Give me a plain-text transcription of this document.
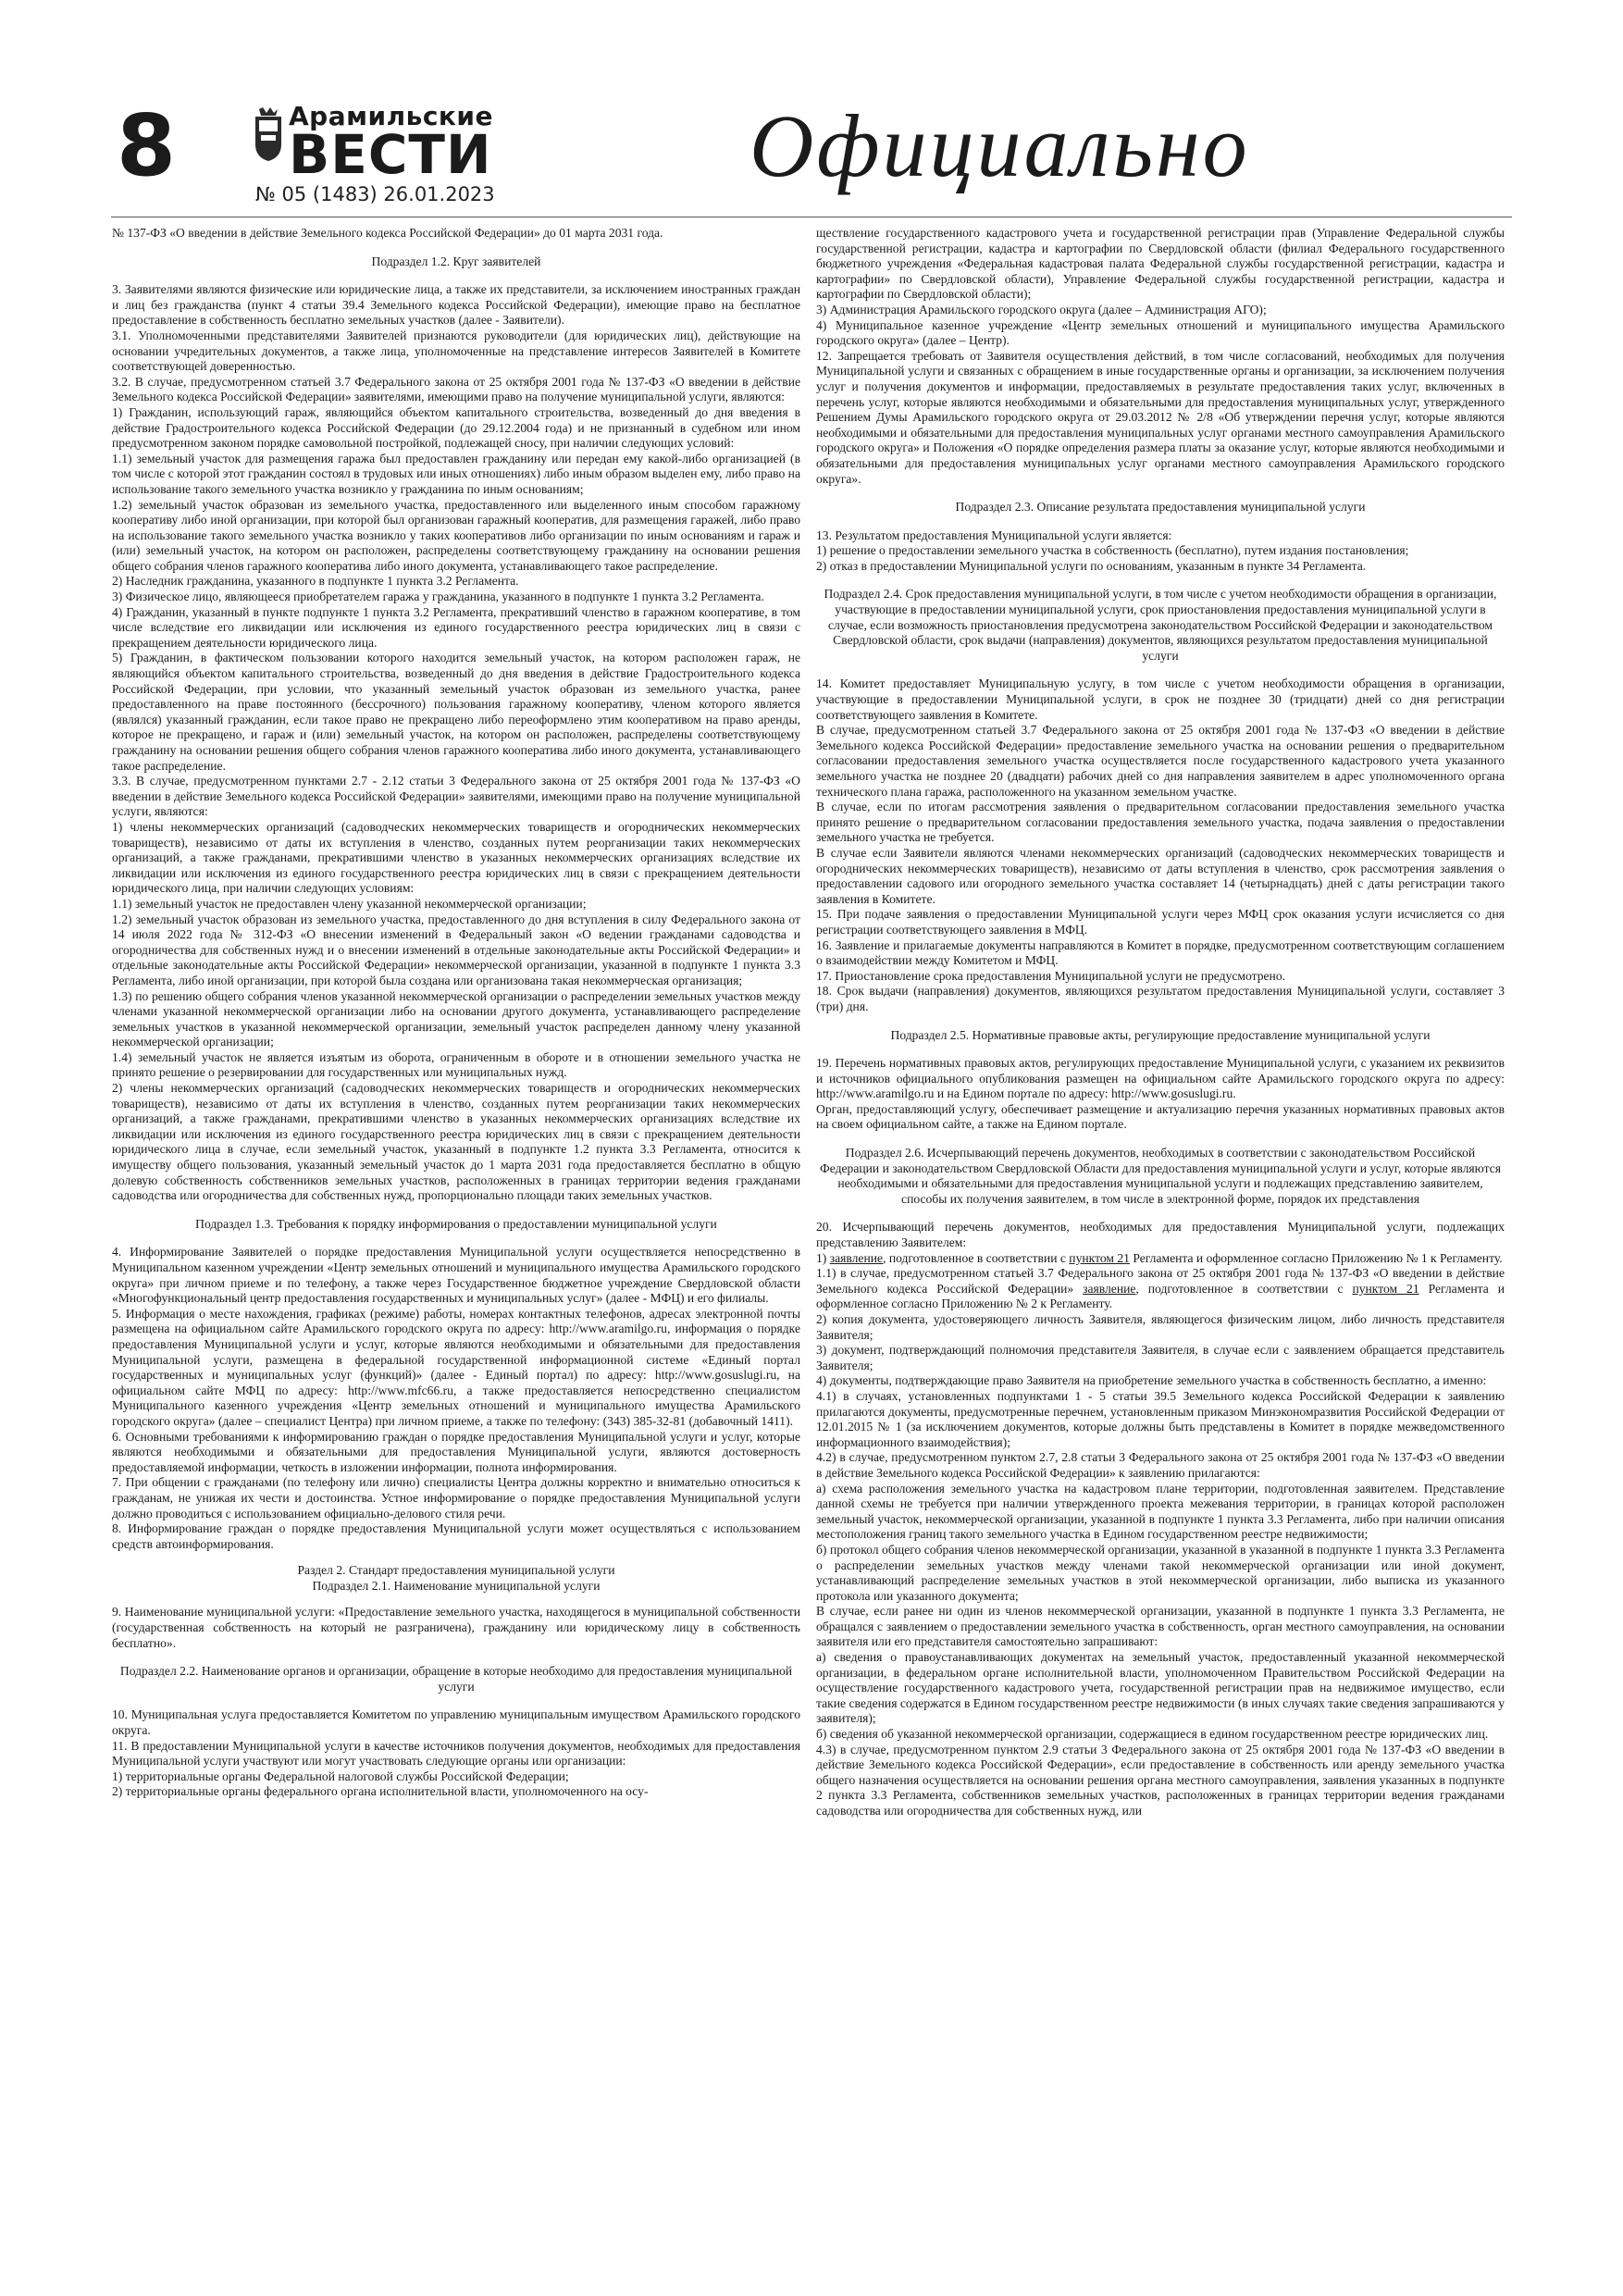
8	Арамильские
ВЕСТИ
№ 05 (1483) 26.01.2023	Официально

№ 137-ФЗ «О введении в действие Земельного кодекса Российской Федерации» до 01 марта 2031 года.

Подраздел 1.2. Круг заявителей

3. Заявителями являются физические или юридические лица, а также их представители, за исключением иностранных граждан и лиц без гражданства (пункт 4 статьи 39.4 Земельного кодекса Российской Федерации), имеющие право на бесплатное предоставление в собственность бесплатно земельных участков (далее - Заявители).

3.1. Уполномоченными представителями Заявителей признаются руководители (для юридических лиц), действующие на основании учредительных документов, а также лица, уполномоченные на представление интересов Заявителей в Комитете соответствующей доверенностью.

3.2. В случае, предусмотренном статьей 3.7 Федерального закона от 25 октября 2001 года № 137-ФЗ «О введении в действие Земельного кодекса Российской Федерации» заявителями, имеющими право на получение муниципальной услуги, являются:

1) Гражданин, использующий гараж, являющийся объектом капитального строительства, возведенный до дня введения в действие Градостроительного кодекса Российской Федерации (до 29.12.2004 года) и не признанный в судебном или ином предусмотренном законом порядке самовольной постройкой, подлежащей сносу, при наличии следующих условий:

1.1) земельный участок для размещения гаража был предоставлен гражданину или передан ему какой-либо организацией (в том числе с которой этот гражданин состоял в трудовых или иных отношениях) либо иным образом выделен ему, либо право на использование такого земельного участка возникло у гражданина по иным основаниям;

1.2) земельный участок образован из земельного участка, предоставленного или выделенного иным способом гаражному кооперативу либо иной организации, при которой был организован гаражный кооператив, для размещения гаражей, либо право на использование такого земельного участка возникло у таких кооперативов либо организации по иным основаниям и гараж и (или) земельный участок, на котором он расположен, распределены соответствующему гражданину на основании решения общего собрания членов гаражного кооператива либо иного документа, устанавливающего такое распределение.

2) Наследник гражданина, указанного в подпункте 1 пункта 3.2 Регламента.

3) Физическое лицо, являющееся приобретателем гаража у гражданина, указанного в подпункте 1 пункта 3.2 Регламента.

4) Гражданин, указанный в пункте подпункте 1 пункта 3.2 Регламента, прекративший членство в гаражном кооперативе, в том числе вследствие его ликвидации или исключения из единого государственного реестра юридических лиц в связи с прекращением деятельности юридического лица.

5) Гражданин, в фактическом пользовании которого находится земельный участок, на котором расположен гараж, не являющийся объектом капитального строительства, возведенный до дня введения в действие Градостроительного кодекса Российской Федерации, при условии, что указанный земельный участок образован из земельного участка, ранее предоставленного на праве постоянного (бессрочного) пользования гаражному кооперативу, членом которого является (являлся) указанный гражданин, если такое право не прекращено либо переоформлено этим кооперативом на право аренды, которое не прекращено, и гараж и (или) земельный участок, на котором он расположен, распределены соответствующему гражданину на основании решения общего собрания членов гаражного кооператива либо иного документа, устанавливающего такое распределение.

3.3. В случае, предусмотренном пунктами 2.7 - 2.12 статьи 3 Федерального закона от 25 октября 2001 года № 137-ФЗ «О введении в действие Земельного кодекса Российской Федерации» заявителями, имеющими право на получение муниципальной услуги, являются:

1) члены некоммерческих организаций (садоводческих некоммерческих товариществ и огороднических некоммерческих товариществ), независимо от даты их вступления в членство, созданных путем реорганизации таких некоммерческих организаций, а также гражданами, прекратившими членство в указанных некоммерческих организациях вследствие их ликвидации или исключения из единого государственного реестра юридических лиц в связи с прекращением деятельности юридического лица, при наличии следующих условиям:

1.1) земельный участок не предоставлен члену указанной некоммерческой организации;

1.2) земельный участок образован из земельного участка, предоставленного до дня вступления в силу Федерального закона от 14 июля 2022 года № 312-ФЗ «О внесении изменений в Федеральный закон «О ведении гражданами садоводства и огородничества для собственных нужд и о внесении изменений в отдельные законодательные акты Российской Федерации» и отдельные законодательные акты Российской Федерации» некоммерческой организации, указанной в подпункте 1 пункта 3.3 Регламента, либо иной организации, при которой была создана или организована такая некоммерческая организация;

1.3) по решению общего собрания членов указанной некоммерческой организации о распределении земельных участков между членами указанной некоммерческой организации либо на основании другого документа, устанавливающего распределение земельных участков в указанной некоммерческой организации, земельный участок распределен данному члену указанной некоммерческой организации;

1.4) земельный участок не является изъятым из оборота, ограниченным в обороте и в отношении земельного участка не принято решение о резервировании для государственных или муниципальных нужд.

2) члены некоммерческих организаций (садоводческих некоммерческих товариществ и огороднических некоммерческих товариществ), независимо от даты их вступления в членство, созданных путем реорганизации таких некоммерческих организаций, а также гражданами, прекратившими членство в указанных некоммерческих организациях вследствие их ликвидации или исключения из единого государственного реестра юридических лиц в связи с прекращением деятельности юридического лица в случае, если земельный участок, указанный в подпункте 1.2 пункта 3.3 Регламента, относится к имуществу общего пользования, указанный земельный участок до 1 марта 2031 года предоставляется бесплатно в общую долевую собственность собственников земельных участков, расположенных в границах территории ведения гражданами садоводства или огородничества для собственных нужд, пропорционально площади таких земельных участков.

Подраздел 1.3. Требования к порядку информирования о предоставлении муниципальной услуги

4. Информирование Заявителей о порядке предоставления Муниципальной услуги осуществляется непосредственно в Муниципальном казенном учреждении «Центр земельных отношений и муниципального имущества Арамильского городского округа» при личном приеме и по телефону, а также через Государственное бюджетное учреждение Свердловской области «Многофункциональный центр предоставления государственных и муниципальных услуг» (далее - МФЦ) и его филиалы.

5. Информация о месте нахождения, графиках (режиме) работы, номерах контактных телефонов, адресах электронной почты размещена на официальном сайте Арамильского городского округа по адресу: http://www.aramilgo.ru, информация о порядке предоставления Муниципальной услуги и услуг, которые являются необходимыми и обязательными для предоставления Муниципальной услуги, размещена в федеральной государственной информационной системе «Единый портал государственных и муниципальных услуг (функций)» (далее - Единый портал) по адресу: http://www.gosuslugi.ru, на официальном сайте МФЦ по адресу: http://www.mfc66.ru, а также предоставляется непосредственно специалистом Муниципального казенного учреждения «Центр земельных отношений и муниципального имущества Арамильского городского округа» (далее – специалист Центра) при личном приеме, а также по телефону: (343) 385-32-81 (добавочный 1411).

6. Основными требованиями к информированию граждан о порядке предоставления Муниципальной услуги и услуг, которые являются необходимыми и обязательными для предоставления Муниципальной услуги, являются достоверность предоставляемой информации, четкость в изложении информации, полнота информирования.

7. При общении с гражданами (по телефону или лично) специалисты Центра должны корректно и внимательно относиться к гражданам, не унижая их чести и достоинства. Устное информирование о порядке предоставления Муниципальной услуги должно проводиться с использованием официально-делового стиля речи.

8. Информирование граждан о порядке предоставления Муниципальной услуги может осуществляться с использованием средств автоинформирования.

Раздел 2. Стандарт предоставления муниципальной услуги

Подраздел 2.1. Наименование муниципальной услуги

9. Наименование муниципальной услуги: «Предоставление земельного участка, находящегося в муниципальной собственности (государственная собственность на который не разграничена), гражданину или юридическому лицу в собственность бесплатно».

Подраздел 2.2. Наименование органов и организации, обращение в которые необходимо для предоставления муниципальной услуги

10. Муниципальная услуга предоставляется Комитетом по управлению муниципальным имуществом Арамильского городского округа.

11. В предоставлении Муниципальной услуги в качестве источников получения документов, необходимых для предоставления Муниципальной услуги участвуют или могут участвовать следующие органы или организации:

1) территориальные органы Федеральной налоговой службы Российской Федерации;

2) территориальные органы федерального органа исполнительной власти, уполномоченного на осу-

ществление государственного кадастрового учета и государственной регистрации прав (Управление Федеральной службы государственной регистрации, кадастра и картографии по Свердловской области (филиал Федерального государственного бюджетного учреждения «Федеральная кадастровая палата Федеральной службы государственной регистрации, кадастра и картографии» по Свердловской области), Управление Федеральной службы государственной регистрации, кадастра и картографии по Свердловской области);

3) Администрация Арамильского городского округа (далее – Администрация АГО);

4) Муниципальное казенное учреждение «Центр земельных отношений и муниципального имущества Арамильского городского округа» (далее – Центр).

12. Запрещается требовать от Заявителя осуществления действий, в том числе согласований, необходимых для получения Муниципальной услуги и связанных с обращением в иные государственные органы и организации, за исключением получения услуг и получения документов и информации, предоставляемых в результате предоставления таких услуг, включенных в перечень услуг, которые являются необходимыми и обязательными для предоставления муниципальных услуг, утвержденного Решением Думы Арамильского городского округа от 29.03.2012 № 2/8 «Об утверждении перечня услуг, которые являются необходимыми и обязательными для предоставления муниципальных услуг органами местного самоуправления Арамильского городского округа» и Положения «О порядке определения размера платы за оказание услуг, которые являются необходимыми и обязательными для предоставления муниципальных услуг органами местного самоуправления Арамильского городского округа».

Подраздел 2.3. Описание результата предоставления муниципальной услуги

13. Результатом предоставления Муниципальной услуги является:

1) решение о предоставлении земельного участка в собственность (бесплатно), путем издания постановления;

2) отказ в предоставлении Муниципальной услуги по основаниям, указанным в пункте 34 Регламента.

Подраздел 2.4. Срок предоставления муниципальной услуги, в том числе с учетом необходимости обращения в организации, участвующие в предоставлении муниципальной услуги, срок приостановления предоставления муниципальной услуги в случае, если возможность приостановления предусмотрена законодательством Российской Федерации и законодательством Свердловской области, срок выдачи (направления) документов, являющихся результатом предоставления муниципальной услуги

14. Комитет предоставляет Муниципальную услугу, в том числе с учетом необходимости обращения в организации, участвующие в предоставлении Муниципальной услуги, в срок не позднее 30 (тридцати) дней со дня регистрации соответствующего заявления в Комитете.

В случае, предусмотренном статьей 3.7 Федерального закона от 25 октября 2001 года № 137-ФЗ «О введении в действие Земельного кодекса Российской Федерации» предоставление земельного участка на основании решения о предварительном согласовании предоставления земельного участка осуществляется после государственного кадастрового учета указанного земельного участка не позднее 20 (двадцати) рабочих дней со дня направления заявителем в адрес уполномоченного органа технического плана гаража, расположенного на указанном земельном участке.

В случае, если по итогам рассмотрения заявления о предварительном согласовании предоставления земельного участка принято решение о предварительном согласовании предоставления земельного участка, подача заявления о предоставлении земельного участка не требуется.

В случае если Заявители являются членами некоммерческих организаций (садоводческих некоммерческих товариществ и огороднических некоммерческих товариществ), независимо от даты вступления в членство, срок рассмотрения заявления о предоставлении садового или огородного земельного участка составляет 14 (четырнадцать) дней с даты регистрации такого заявления в Комитете.

15. При подаче заявления о предоставлении Муниципальной услуги через МФЦ срок оказания услуги исчисляется со дня регистрации соответствующего заявления в МФЦ.

16. Заявление и прилагаемые документы направляются в Комитет в порядке, предусмотренном соответствующим соглашением о взаимодействии между Комитетом и МФЦ.

17. Приостановление срока предоставления Муниципальной услуги не предусмотрено.

18. Срок выдачи (направления) документов, являющихся результатом предоставления Муниципальной услуги, составляет 3 (три) дня.

Подраздел 2.5. Нормативные правовые акты, регулирующие предоставление муниципальной услуги

19. Перечень нормативных правовых актов, регулирующих предоставление Муниципальной услуги, с указанием их реквизитов и источников официального опубликования размещен на официальном сайте Арамильского городского округа по адресу: http://www.aramilgo.ru и на Едином портале по адресу: http://www.gosuslugi.ru.

Орган, предоставляющий услугу, обеспечивает размещение и актуализацию перечня указанных нормативных правовых актов на своем официальном сайте, а также на Едином портале.

Подраздел 2.6. Исчерпывающий перечень документов, необходимых в соответствии с законодательством Российской Федерации и законодательством Свердловской Области для предоставления муниципальной услуги и услуг, которые являются необходимыми и обязательными для предоставления муниципальной услуги и подлежащих представлению заявителем, способы их получения заявителем, в том числе в электронной форме, порядок их представления

20. Исчерпывающий перечень документов, необходимых для предоставления Муниципальной услуги, подлежащих представлению Заявителем:

1) заявление, подготовленное в соответствии с пунктом 21 Регламента и оформленное согласно Приложению № 1 к Регламенту.

1.1) в случае, предусмотренном статьей 3.7 Федерального закона от 25 октября 2001 года № 137-ФЗ «О введении в действие Земельного кодекса Российской Федерации» заявление, подготовленное в соответствии с пунктом 21 Регламента и оформленное согласно Приложению № 2 к Регламенту.

2) копия документа, удостоверяющего личность Заявителя, являющегося физическим лицом, либо личность представителя Заявителя;

3) документ, подтверждающий полномочия представителя Заявителя, в случае если с заявлением обращается представитель Заявителя;

4) документы, подтверждающие право Заявителя на приобретение земельного участка в собственность бесплатно, а именно:

4.1) в случаях, установленных подпунктами 1 - 5 статьи 39.5 Земельного кодекса Российской Федерации к заявлению прилагаются документы, предусмотренные перечнем, установленным приказом Минэкономразвития Российской Федерации от 12.01.2015 № 1 (за исключением документов, которые должны быть представлены в Комитет в порядке межведомственного информационного взаимодействия);

4.2) в случае, предусмотренном пунктом 2.7, 2.8 статьи 3 Федерального закона от 25 октября 2001 года № 137-ФЗ «О введении в действие Земельного кодекса Российской Федерации» к заявлению прилагаются:

а) схема расположения земельного участка на кадастровом плане территории, подготовленная заявителем. Представление данной схемы не требуется при наличии утвержденного проекта межевания территории, в границах которой расположен земельный участок, некоммерческой организации, указанной в подпункте 1 пункта 3.3 Регламента, либо при наличии описания местоположения границ такого земельного участка в Едином государственном реестре недвижимости;

б) протокол общего собрания членов некоммерческой организации, указанной в указанной в подпункте 1 пункта 3.3 Регламента о распределении земельных участков между членами такой некоммерческой организации или иной документ, устанавливающий распределение земельных участков в этой некоммерческой организации, либо выписка из указанного протокола или указанного документа;

В случае, если ранее ни один из членов некоммерческой организации, указанной в подпункте 1 пункта 3.3 Регламента, не обращался с заявлением о предоставлении земельного участка в собственность, орган местного самоуправления, на основании заявителя или его представителя самостоятельно запрашивают:

а) сведения о правоустанавливающих документах на земельный участок, предоставленный указанной некоммерческой организации, в федеральном органе исполнительной власти, уполномоченном Правительством Российской Федерации на осуществление государственного кадастрового учета, государственной регистрации прав на недвижимое имущество, если такие сведения содержатся в Едином государственном реестре недвижимости (в иных случаях такие сведения запрашиваются у заявителя);

б) сведения об указанной некоммерческой организации, содержащиеся в едином государственном реестре юридических лиц.

4.3) в случае, предусмотренном пунктом 2.9 статьи 3 Федерального закона от 25 октября 2001 года № 137-ФЗ «О введении в действие Земельного кодекса Российской Федерации», если предоставление в собственность или аренду земельного участка общего назначения осуществляется на основании решения органа местного самоуправления, заявления указанных в подпункте 2 пункта 3.3 Регламента, собственников земельных участков, расположенных в границах территории ведения гражданами садоводства или огородничества для собственных нужд, или
